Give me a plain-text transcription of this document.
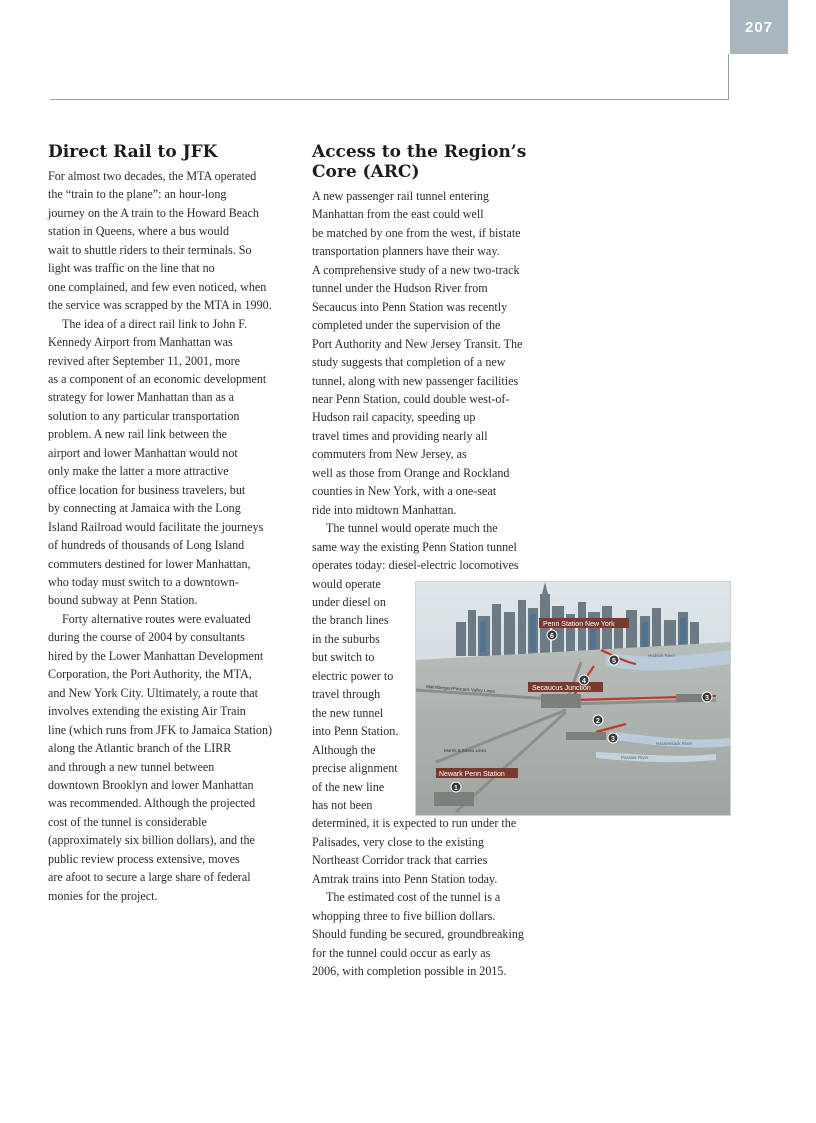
207
Direct Rail to JFK

For almost two decades, the MTA operated
the “train to the plane”: an hour-long
journey on the A train to the Howard Beach
station in Queens, where a bus would
wait to shuttle riders to their terminals. So
light was traffic on the line that no
one complained, and few even noticed, when
the service was scrapped by the MTA in 1990.

The idea of a direct rail link to John F.
Kennedy Airport from Manhattan was
revived after September 11, 2001, more
as a component of an economic development
strategy for lower Manhattan than as a
solution to any particular transportation
problem. A new rail link between the
airport and lower Manhattan would not
only make the latter a more attractive
office location for business travelers, but
by connecting at Jamaica with the Long
Island Railroad would facilitate the journeys
of hundreds of thousands of Long Island
commuters destined for lower Manhattan,
who today must switch to a downtown-
bound subway at Penn Station.

Forty alternative routes were evaluated
during the course of 2004 by consultants
hired by the Lower Manhattan Development
Corporation, the Port Authority, the MTA,
and New York City. Ultimately, a route that
involves extending the existing Air Train
line (which runs from JFK to Jamaica Station)
along the Atlantic branch of the LIRR
and through a new tunnel between
downtown Brooklyn and lower Manhattan
was recommended. Although the projected
cost of the tunnel is considerable
(approximately six billion dollars), and the
public review process extensive, moves
are afoot to secure a large share of federal
monies for the project.

Access to the Region’s
Core (ARC)

A new passenger rail tunnel entering
Manhattan from the east could well
be matched by one from the west, if bistate
transportation planners have their way.
A comprehensive study of a new two-track
tunnel under the Hudson River from
Secaucus into Penn Station was recently
completed under the supervision of the
Port Authority and New Jersey Transit. The
study suggests that completion of a new
tunnel, along with new passenger facilities
near Penn Station, could double west-of-
Hudson rail capacity, speeding up
travel times and providing nearly all
commuters from New Jersey, as
well as those from Orange and Rockland
counties in New York, with a one-seat
ride into midtown Manhattan.

The tunnel would operate much the
same way the existing Penn Station tunnel
operates today: diesel-electric locomotives
would operate
under diesel on
the branch lines
in the suburbs
but switch to
electric power to
travel through
the new tunnel
into Penn Station.
Although the
precise alignment
of the new line
has not been
determined, it is expected to run under the
Palisades, very close to the existing
Northeast Corridor track that carries
Amtrak trains into Penn Station today.

The estimated cost of the tunnel is a
whopping three to five billion dollars.
Should funding be secured, groundbreaking
for the tunnel could occur as early as
2006, with completion possible in 2015.

Penn Station New York
Secaucus Junction
Newark Penn Station
Hudson River
Main/Bergen/Pascack Valley Lines
Morris & Essex Lines
Hackensack River
Passaic River
6
5
4
3
2
3
1
